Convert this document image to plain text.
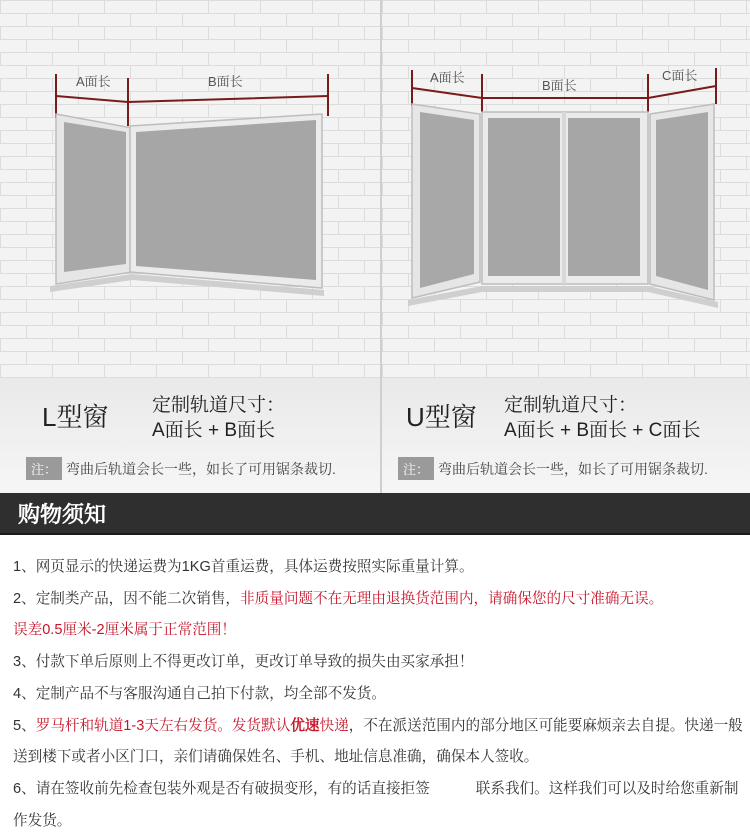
A面长	B面长
L型窗 定制轨道尺寸：
A面长 + B面长
注： 弯曲后轨道会长一些，如长了可用锯条裁切.
A面长
B面长
C面长
U型窗 定制轨道尺寸：
A面长 + B面长 + C面长
注： 弯曲后轨道会长一些，如长了可用锯条裁切.
购物须知

1、网页显示的快递运费为1KG首重运费，具体运费按照实际重量计算。

2、定制类产品，因不能二次销售，非质量问题不在无理由退换货范围内，请确保您的尺寸准确无误。
误差0.5厘米-2厘米属于正常范围！

3、付款下单后原则上不得更改订单，更改订单导致的损失由买家承担！

4、定制产品不与客服沟通自己拍下付款，均全部不发货。

5、罗马杆和轨道1-3天左右发货。发货默认优速快递，不在派送范围内的部分地区可能要麻烦亲去自提。快递一般送到楼下或者小区门口，亲们请确保姓名、手机、地址信息准确，确保本人签收。

6、请在签收前先检查包装外观是否有破损变形，有的话直接拒签	联系我们。这样我们可以及时给您重新制作发货。
